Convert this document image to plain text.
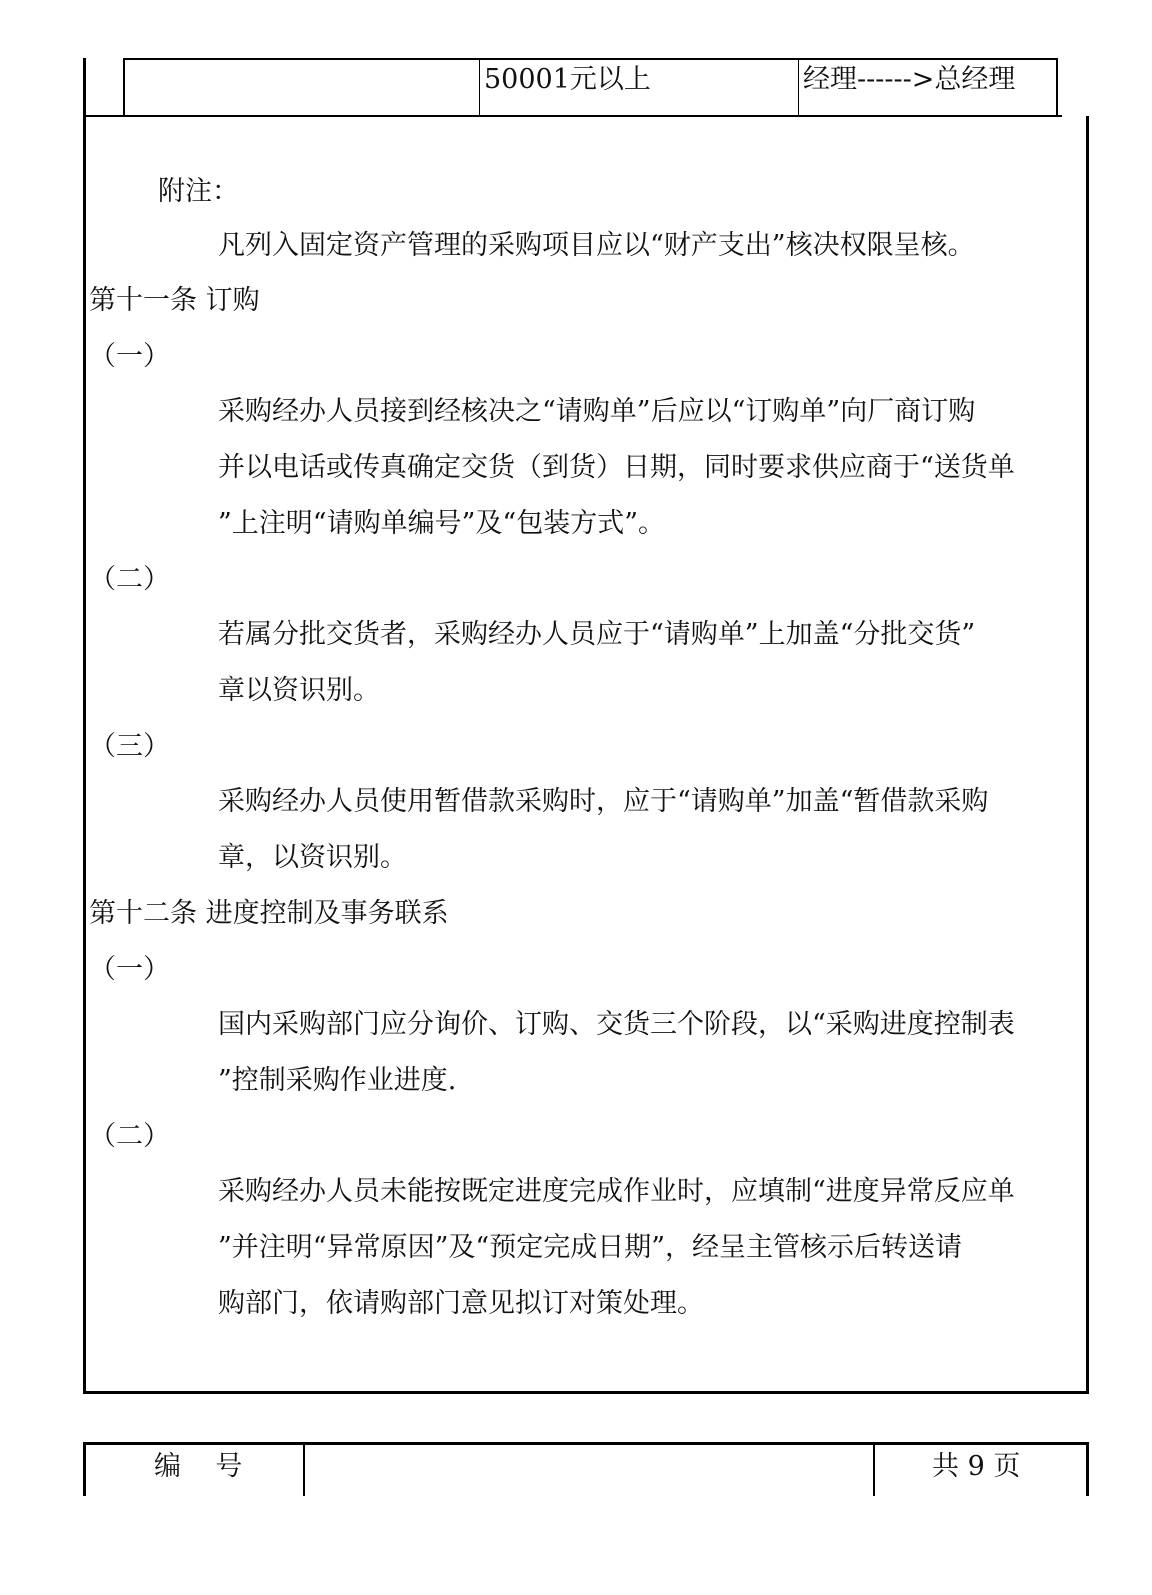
50001元以上	经理------>总经理
附注：
凡列入固定资产管理的采购项目应以“财产支出”核决权限呈核。
第十一条 订购
（一）
采购经办人员接到经核决之“请购单”后应以“订购单”向厂商订购
并以电话或传真确定交货（到货）日期，同时要求供应商于“送货单
”上注明“请购单编号”及“包装方式”。
（二）
若属分批交货者，采购经办人员应于“请购单”上加盖“分批交货”
章以资识别。
（三）
采购经办人员使用暂借款采购时，应于“请购单”加盖“暂借款采购
章，以资识别。
第十二条 进度控制及事务联系
（一）
国内采购部门应分询价、订购、交货三个阶段，以“采购进度控制表
”控制采购作业进度.
（二）
采购经办人员未能按既定进度完成作业时，应填制“进度异常反应单
”并注明“异常原因”及“预定完成日期”，经呈主管核示后转送请
购部门，依请购部门意见拟订对策处理。
编    号	共 9 页
